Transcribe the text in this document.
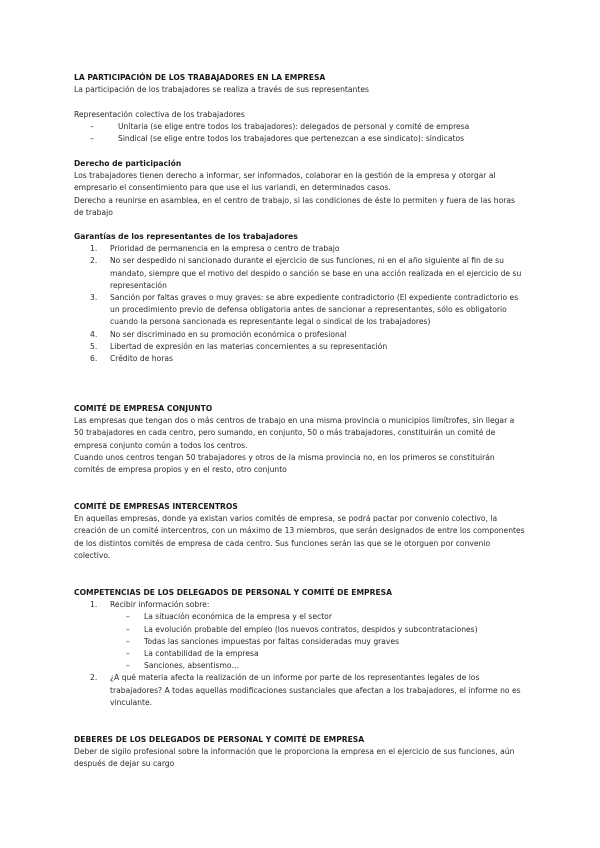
LA PARTICIPACIÓN DE LOS TRABAJADORES EN LA EMPRESA

La participación de los trabajadores se realiza a través de sus representantes

Representación colectiva de los trabajadores

–	Unitaria (se elige entre todos los trabajadores): delegados de personal y comité de empresa
–	Sindical (se elige entre todos los trabajadores que pertenezcan a ese sindicato): sindicatos

Derecho de participación

Los trabajadores tienen derecho a informar, ser informados, colaborar en la gestión de la empresa y otorgar al empresario el consentimiento para que use el ius variandi, en determinados casos.

Derecho a reunirse en asamblea, en el centro de trabajo, si las condiciones de éste lo permiten y fuera de las horas de trabajo

Garantías de los representantes de los trabajadores

1. Prioridad de permanencia en la empresa o centro de trabajo
2. No ser despedido ni sancionado durante el ejercicio de sus funciones, ni en el año siguiente al fin de su mandato, siempre que el motivo del despido o sanción se base en una acción realizada en el ejercicio de su representación
3. Sanción por faltas graves o muy graves: se abre expediente contradictorio (El expediente contradictorio es un procedimiento previo de defensa obligatoria antes de sancionar a representantes, sólo es obligatorio cuando la persona sancionada es representante legal o sindical de los trabajadores)
4. No ser discriminado en su promoción económica o profesional
5. Libertad de expresión en las materias concernientes a su representación
6. Crédito de horas

COMITÉ DE EMPRESA CONJUNTO

Las empresas que tengan dos o más centros de trabajo en una misma provincia o municipios limítrofes, sin llegar a 50 trabajadores en cada centro, pero sumando, en conjunto, 50 o más trabajadores, constituirán un comité de empresa conjunto común a todos los centros.

Cuando unos centros tengan 50 trabajadores y otros de la misma provincia no, en los primeros se constituirán comités de empresa propios y en el resto, otro conjunto

COMITÉ DE EMPRESAS INTERCENTROS

En aquellas empresas, donde ya existan varios comités de empresa, se podrá pactar por convenio colectivo, la creación de un comité intercentros, con un máximo de 13 miembros, que serán designados de entre los componentes de los distintos comités de empresa de cada centro. Sus funciones serán las que se le otorguen por convenio colectivo.

COMPETENCIAS DE LOS DELEGADOS DE PERSONAL Y COMITÉ DE EMPRESA

1. Recibir información sobre:
– La situación económica de la empresa y el sector
– La evolución probable del empleo (los nuevos contratos, despidos y subcontrataciones)
– Todas las sanciones impuestas por faltas consideradas muy graves
– La contabilidad de la empresa
– Sanciones, absentismo…
2. ¿A qué materia afecta la realización de un informe por parte de los representantes legales de los trabajadores? A todas aquellas modificaciones sustanciales que afectan a los trabajadores, el informe no es vinculante.

DEBERES DE LOS DELEGADOS DE PERSONAL Y COMITÉ DE EMPRESA

Deber de sigilo profesional sobre la información que le proporciona la empresa en el ejercicio de sus funciones, aún después de dejar su cargo
